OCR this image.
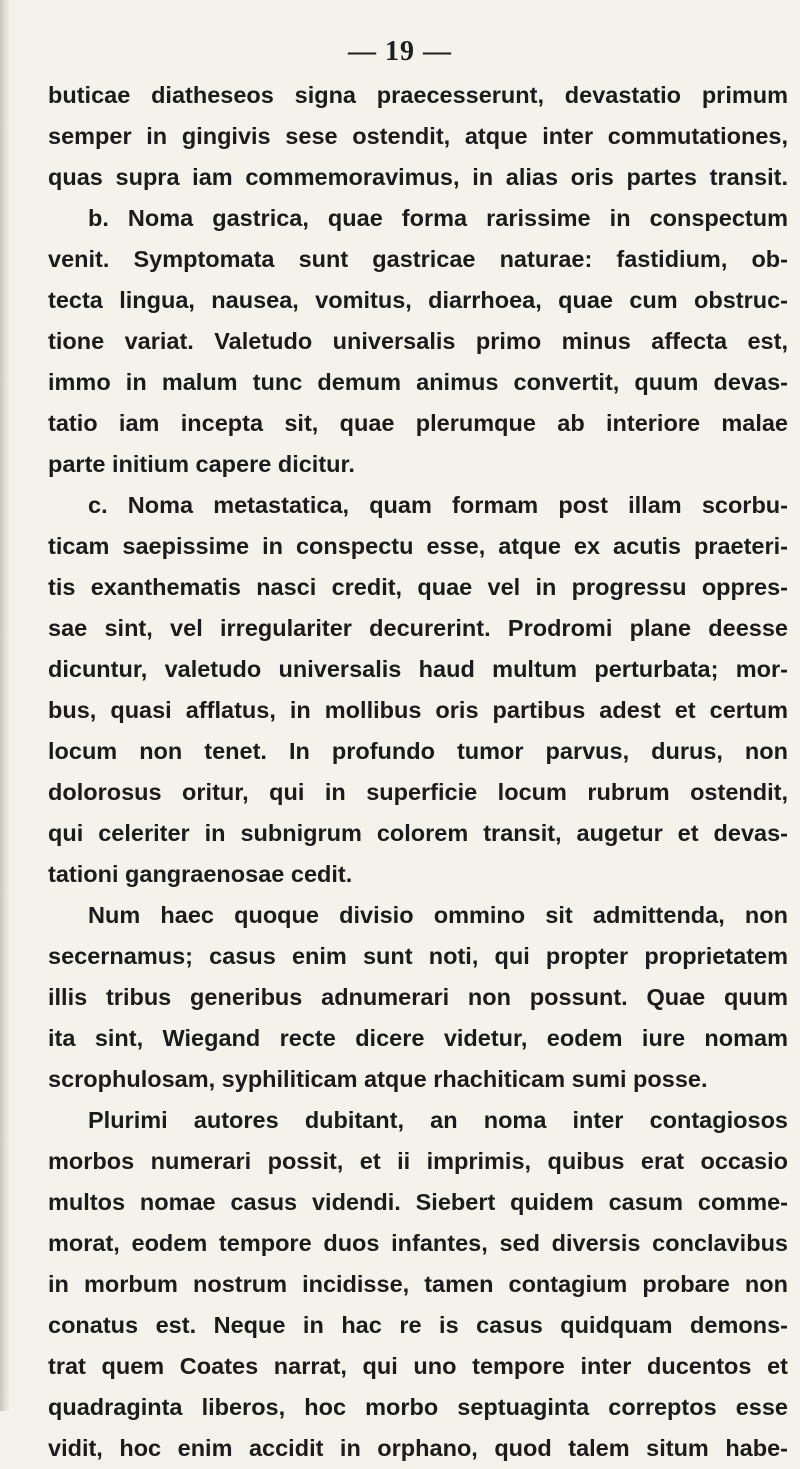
— 19 —
buticae diatheseos signa praecesserunt, devastatio primum
semper in gingivis sese ostendit, atque inter commutationes,
quas supra iam commemoravimus, in alias oris partes transit.
b. Noma gastrica, quae forma rarissime in conspectum
venit. Symptomata sunt gastricae naturae: fastidium, ob-
tecta lingua, nausea, vomitus, diarrhoea, quae cum obstruc-
tione variat. Valetudo universalis primo minus affecta est,
immo in malum tunc demum animus convertit, quum devas-
tatio iam incepta sit, quae plerumque ab interiore malae
parte initium capere dicitur.
c. Noma metastatica, quam formam post illam scorbu-
ticam saepissime in conspectu esse, atque ex acutis praeteri-
tis exanthematis nasci credit, quae vel in progressu oppres-
sae sint, vel irregulariter decurerint. Prodromi plane deesse
dicuntur, valetudo universalis haud multum perturbata; mor-
bus, quasi afflatus, in mollibus oris partibus adest et certum
locum non tenet. In profundo tumor parvus, durus, non
dolorosus oritur, qui in superficie locum rubrum ostendit,
qui celeriter in subnigrum colorem transit, augetur et devas-
tationi gangraenosae cedit.
Num haec quoque divisio ommino sit admittenda, non
secernamus; casus enim sunt noti, qui propter proprietatem
illis tribus generibus adnumerari non possunt. Quae quum
ita sint, Wiegand recte dicere videtur, eodem iure nomam
scrophulosam, syphiliticam atque rhachiticam sumi posse.
Plurimi autores dubitant, an noma inter contagiosos
morbos numerari possit, et ii imprimis, quibus erat occasio
multos nomae casus videndi. Siebert quidem casum comme-
morat, eodem tempore duos infantes, sed diversis conclavibus
in morbum nostrum incidisse, tamen contagium probare non
conatus est. Neque in hac re is casus quidquam demons-
trat quem Coates narrat, qui uno tempore inter ducentos et
quadraginta liberos, hoc morbo septuaginta correptos esse
vidit, hoc enim accidit in orphano, quod talem situm habe-
